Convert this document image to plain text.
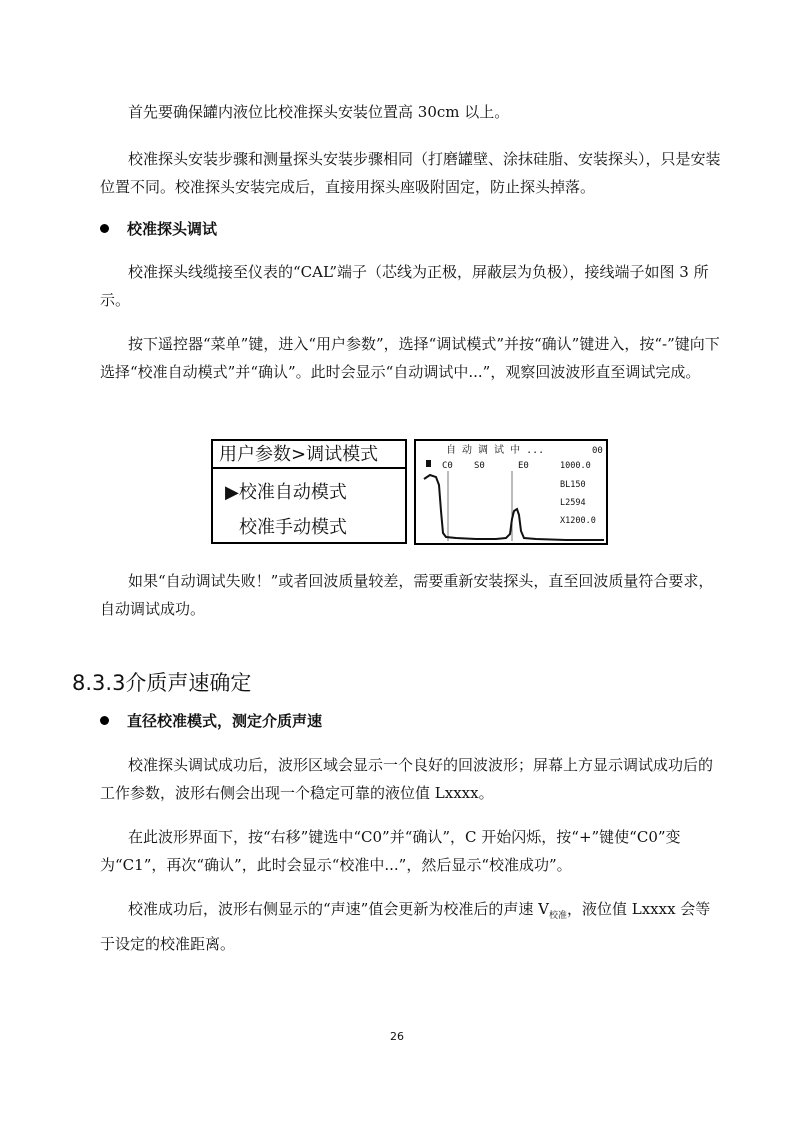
首先要确保罐内液位比校准探头安装位置高 30cm 以上。

校准探头安装步骤和测量探头安装步骤相同（打磨罐壁、涂抹硅脂、安装探头），只是安装位置不同。校准探头安装完成后，直接用探头座吸附固定，防止探头掉落。

校准探头调试

校准探头线缆接至仪表的“CAL”端子（芯线为正极，屏蔽层为负极），接线端子如图 3 所示。

按下遥控器“菜单”键，进入“用户参数”，选择“调试模式”并按“确认”键进入，按“-”键向下选择“校准自动模式”并“确认”。此时会显示“自动调试中...”，观察回波波形直至调试完成。

用户参数>调试模式
▶校准自动模式
校准手动模式
自 动 调 试 中 ...	00
C0 S0	E0	1000.0
BL150
L2594
X1200.0

如果“自动调试失败！”或者回波质量较差，需要重新安装探头，直至回波质量符合要求，自动调试成功。

8.3.3介质声速确定
直径校准模式，测定介质声速

校准探头调试成功后，波形区域会显示一个良好的回波波形；屏幕上方显示调试成功后的工作参数，波形右侧会出现一个稳定可靠的液位值 Lxxxx。

在此波形界面下，按“右移”键选中“C0”并“确认”，C 开始闪烁，按“+”键使“C0”变为“C1”，再次“确认”，此时会显示“校准中...”，然后显示“校准成功”。

校准成功后，波形右侧显示的“声速”值会更新为校准后的声速 $V_{校准}$，液位值 Lxxxx 会等于设定的校准距离。

26
